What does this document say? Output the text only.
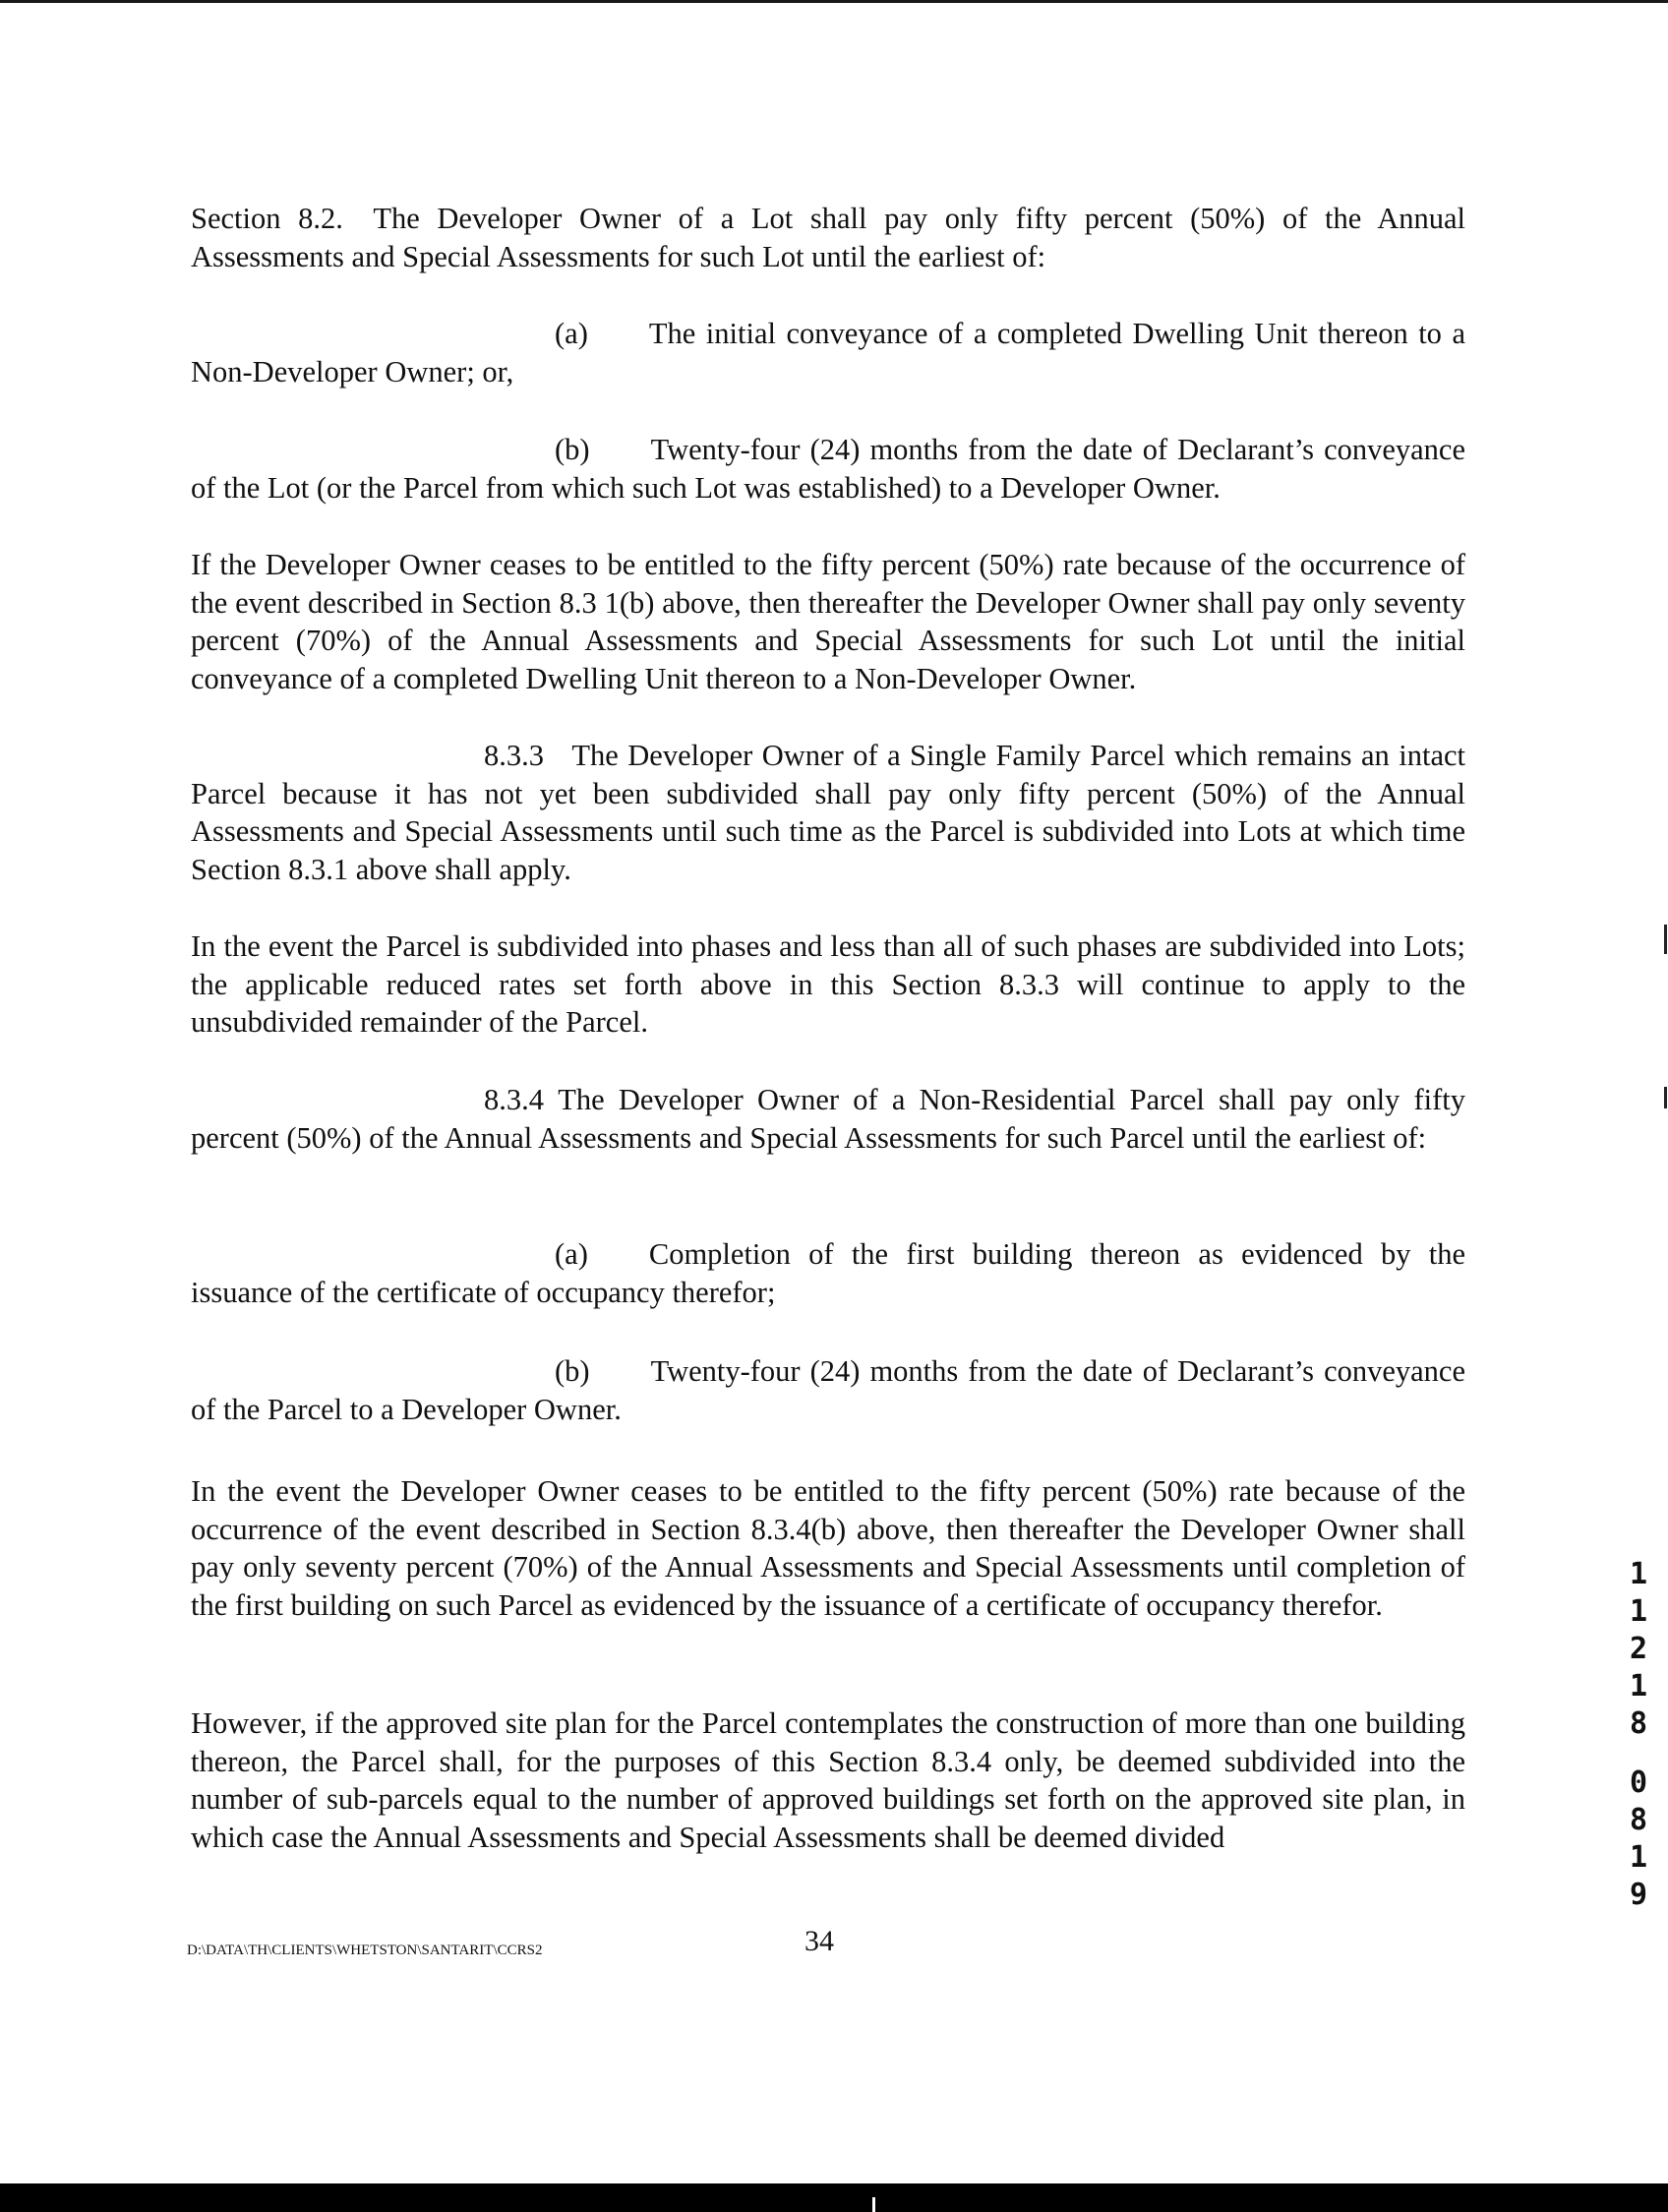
Section 8.2. The Developer Owner of a Lot shall pay only fifty percent (50%) of the Annual Assessments and Special Assessments for such Lot until the earliest of:

(a) The initial conveyance of a completed Dwelling Unit thereon to a Non-Developer Owner; or,

(b) Twenty-four (24) months from the date of Declarant’s conveyance of the Lot (or the Parcel from which such Lot was established) to a Developer Owner.

If the Developer Owner ceases to be entitled to the fifty percent (50%) rate because of the occurrence of the event described in Section 8.3 1(b) above, then thereafter the Developer Owner shall pay only seventy percent (70%) of the Annual Assessments and Special Assessments for such Lot until the initial conveyance of a completed Dwelling Unit thereon to a Non-Developer Owner.

8.3.3 The Developer Owner of a Single Family Parcel which remains an intact Parcel because it has not yet been subdivided shall pay only fifty percent (50%) of the Annual Assessments and Special Assessments until such time as the Parcel is subdivided into Lots at which time Section 8.3.1 above shall apply.

In the event the Parcel is subdivided into phases and less than all of such phases are subdivided into Lots; the applicable reduced rates set forth above in this Section 8.3.3 will continue to apply to the unsubdivided remainder of the Parcel.

8.3.4 The Developer Owner of a Non-Residential Parcel shall pay only fifty percent (50%) of the Annual Assessments and Special Assessments for such Parcel until the earliest of:

(a) Completion of the first building thereon as evidenced by the issuance of the certificate of occupancy therefor;

(b) Twenty-four (24) months from the date of Declarant’s conveyance of the Parcel to a Developer Owner.

In the event the Developer Owner ceases to be entitled to the fifty percent (50%) rate because of the occurrence of the event described in Section 8.3.4(b) above, then thereafter the Developer Owner shall pay only seventy percent (70%) of the Annual Assessments and Special Assessments until completion of the first building on such Parcel as evidenced by the issuance of a certificate of occupancy therefor.

However, if the approved site plan for the Parcel contemplates the construction of more than one building thereon, the Parcel shall, for the purposes of this Section 8.3.4 only, be deemed subdivided into the number of sub-parcels equal to the number of approved buildings set forth on the approved site plan, in which case the Annual Assessments and Special Assessments shall be deemed divided

D:\DATA\TH\CLIENTS\WHETSTON\SANTARIT\CCRS2	34
1
1
2
1
8
0
8
1
9
